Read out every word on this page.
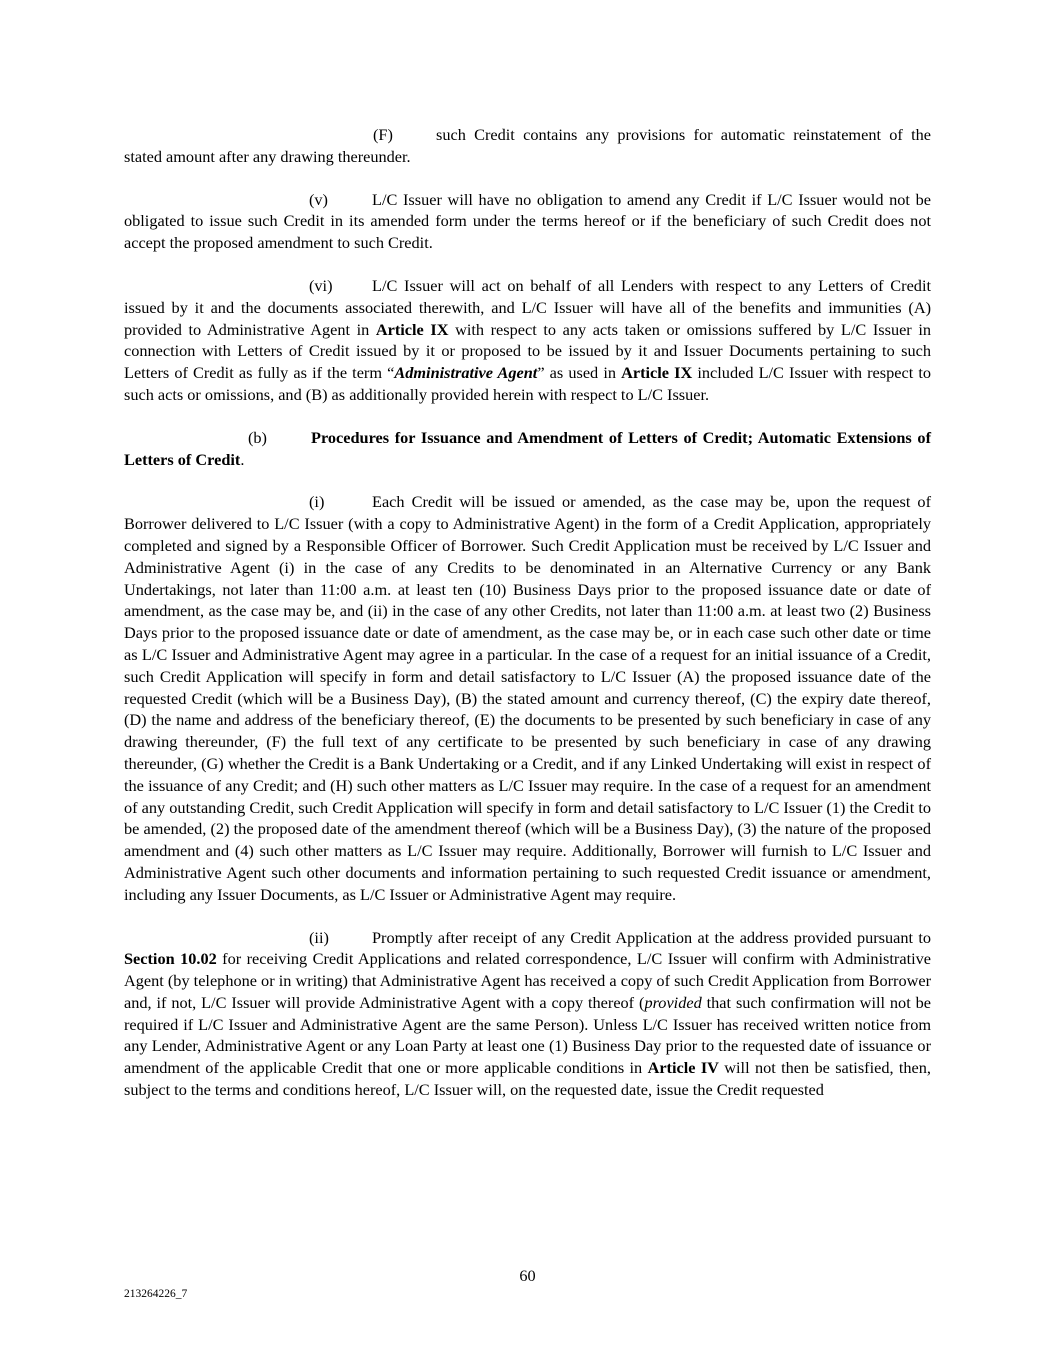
(F)	such Credit contains any provisions for automatic reinstatement of the stated amount after any drawing thereunder.

(v)	L/C Issuer will have no obligation to amend any Credit if L/C Issuer would not be obligated to issue such Credit in its amended form under the terms hereof or if the beneficiary of such Credit does not accept the proposed amendment to such Credit.

(vi) L/C Issuer will act on behalf of all Lenders with respect to any Letters of Credit issued by it and the documents associated therewith, and L/C Issuer will have all of the benefits and immunities (A) provided to Administrative Agent in Article IX with respect to any acts taken or omissions suffered by L/C Issuer in connection with Letters of Credit issued by it or proposed to be issued by it and Issuer Documents pertaining to such Letters of Credit as fully as if the term “Administrative Agent” as used in Article IX included L/C Issuer with respect to such acts or omissions, and (B) as additionally provided herein with respect to L/C Issuer.

(b)	Procedures for Issuance and Amendment of Letters of Credit; Automatic Extensions of Letters of Credit.

(i)	Each Credit will be issued or amended, as the case may be, upon the request of Borrower delivered to L/C Issuer (with a copy to Administrative Agent) in the form of a Credit Application, appropriately completed and signed by a Responsible Officer of Borrower. Such Credit Application must be received by L/C Issuer and Administrative Agent (i) in the case of any Credits to be denominated in an Alternative Currency or any Bank Undertakings, not later than 11:00 a.m. at least ten (10) Business Days prior to the proposed issuance date or date of amendment, as the case may be, and (ii) in the case of any other Credits, not later than 11:00 a.m. at least two (2) Business Days prior to the proposed issuance date or date of amendment, as the case may be, or in each case such other date or time as L/C Issuer and Administrative Agent may agree in a particular. In the case of a request for an initial issuance of a Credit, such Credit Application will specify in form and detail satisfactory to L/C Issuer (A) the proposed issuance date of the requested Credit (which will be a Business Day), (B) the stated amount and currency thereof, (C) the expiry date thereof, (D) the name and address of the beneficiary thereof, (E) the documents to be presented by such beneficiary in case of any drawing thereunder, (F) the full text of any certificate to be presented by such beneficiary in case of any drawing thereunder, (G) whether the Credit is a Bank Undertaking or a Credit, and if any Linked Undertaking will exist in respect of the issuance of any Credit; and (H) such other matters as L/C Issuer may require. In the case of a request for an amendment of any outstanding Credit, such Credit Application will specify in form and detail satisfactory to L/C Issuer (1) the Credit to be amended, (2) the proposed date of the amendment thereof (which will be a Business Day), (3) the nature of the proposed amendment and (4) such other matters as L/C Issuer may require. Additionally, Borrower will furnish to L/C Issuer and Administrative Agent such other documents and information pertaining to such requested Credit issuance or amendment, including any Issuer Documents, as L/C Issuer or Administrative Agent may require.

(ii)	Promptly after receipt of any Credit Application at the address provided pursuant to Section 10.02 for receiving Credit Applications and related correspondence, L/C Issuer will confirm with Administrative Agent (by telephone or in writing) that Administrative Agent has received a copy of such Credit Application from Borrower and, if not, L/C Issuer will provide Administrative Agent with a copy thereof (provided that such confirmation will not be required if L/C Issuer and Administrative Agent are the same Person). Unless L/C Issuer has received written notice from any Lender, Administrative Agent or any Loan Party at least one (1) Business Day prior to the requested date of issuance or amendment of the applicable Credit that one or more applicable conditions in Article IV will not then be satisfied, then, subject to the terms and conditions hereof, L/C Issuer will, on the requested date, issue the Credit requested

60
213264226_7
